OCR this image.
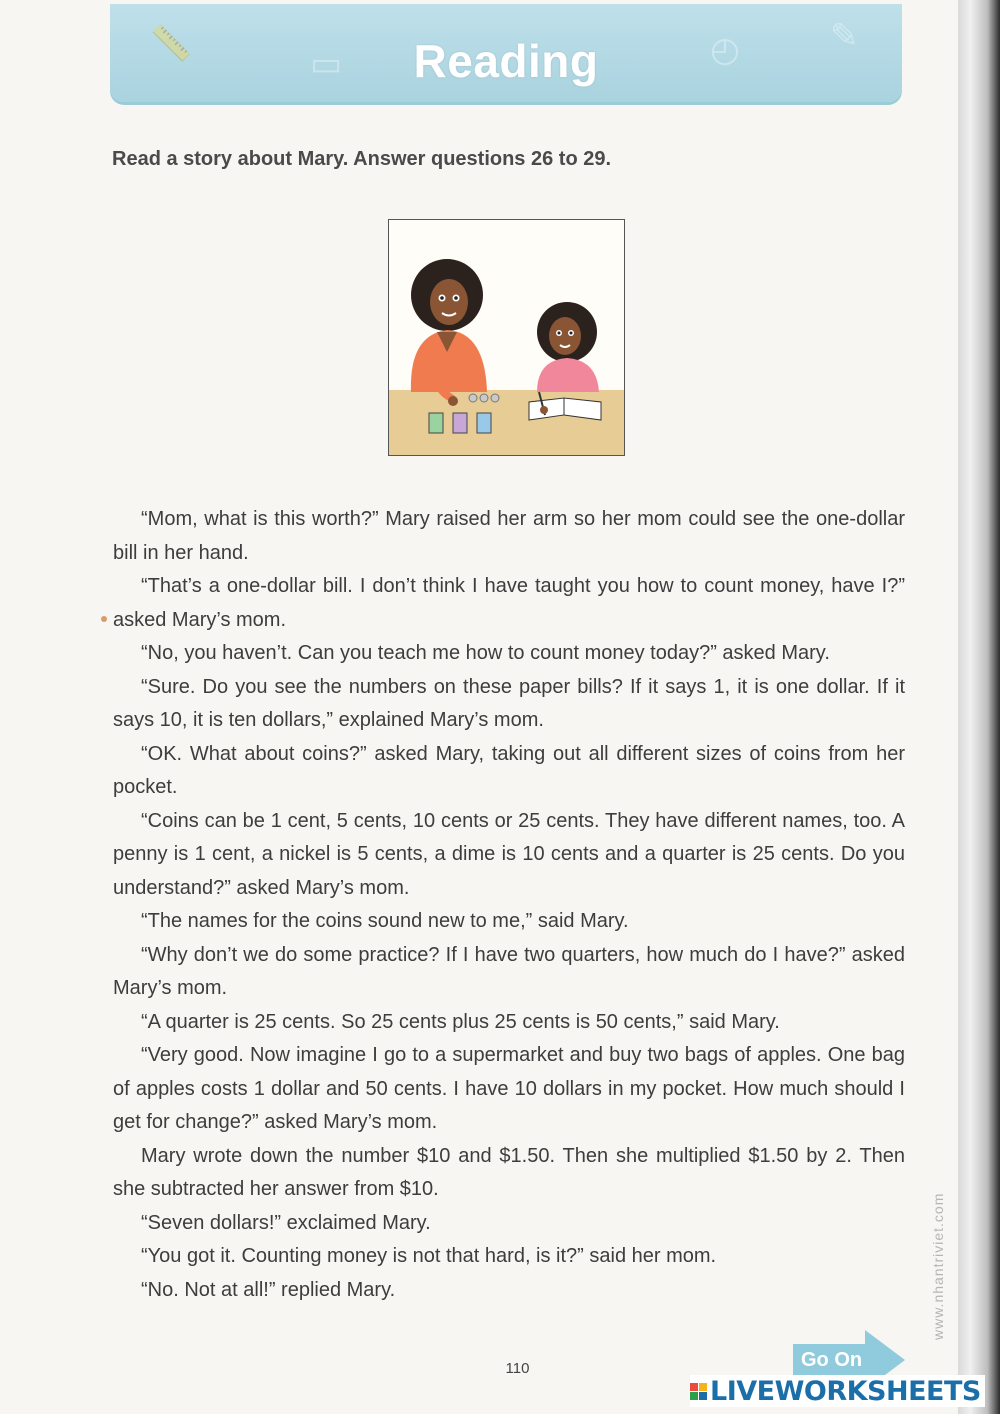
📏	◴	✎
▭	Reading
Read a story about Mary. Answer questions 26 to 29.

“Mom, what is this worth?” Mary raised her arm so her mom could see the one-dollar bill in her hand.

“That’s a one-dollar bill. I don’t think I have taught you how to count money, have I?” asked Mary’s mom.

“No, you haven’t. Can you teach me how to count money today?” asked Mary.

“Sure. Do you see the numbers on these paper bills? If it says 1, it is one dollar. If it says 10, it is ten dollars,” explained Mary’s mom.

“OK. What about coins?” asked Mary, taking out all different sizes of coins from her pocket.

“Coins can be 1 cent, 5 cents, 10 cents or 25 cents. They have different names, too. A penny is 1 cent, a nickel is 5 cents, a dime is 10 cents and a quarter is 25 cents. Do you understand?” asked Mary’s mom.

“The names for the coins sound new to me,” said Mary.

“Why don’t we do some practice? If I have two quarters, how much do I have?” asked Mary’s mom.

“A quarter is 25 cents. So 25 cents plus 25 cents is 50 cents,” said Mary.

“Very good. Now imagine I go to a supermarket and buy two bags of apples. One bag of apples costs 1 dollar and 50 cents. I have 10 dollars in my pocket. How much should I get for change?” asked Mary’s mom.

Mary wrote down the number $10 and $1.50. Then she multiplied $1.50 by 2. Then she subtracted her answer from $10.

“Seven dollars!” exclaimed Mary.

“You got it. Counting money is not that hard, is it?” said her mom.

“No. Not at all!” replied Mary.	www.nhantriviet.com
110	Go On
LIVEWORKSHEETS
